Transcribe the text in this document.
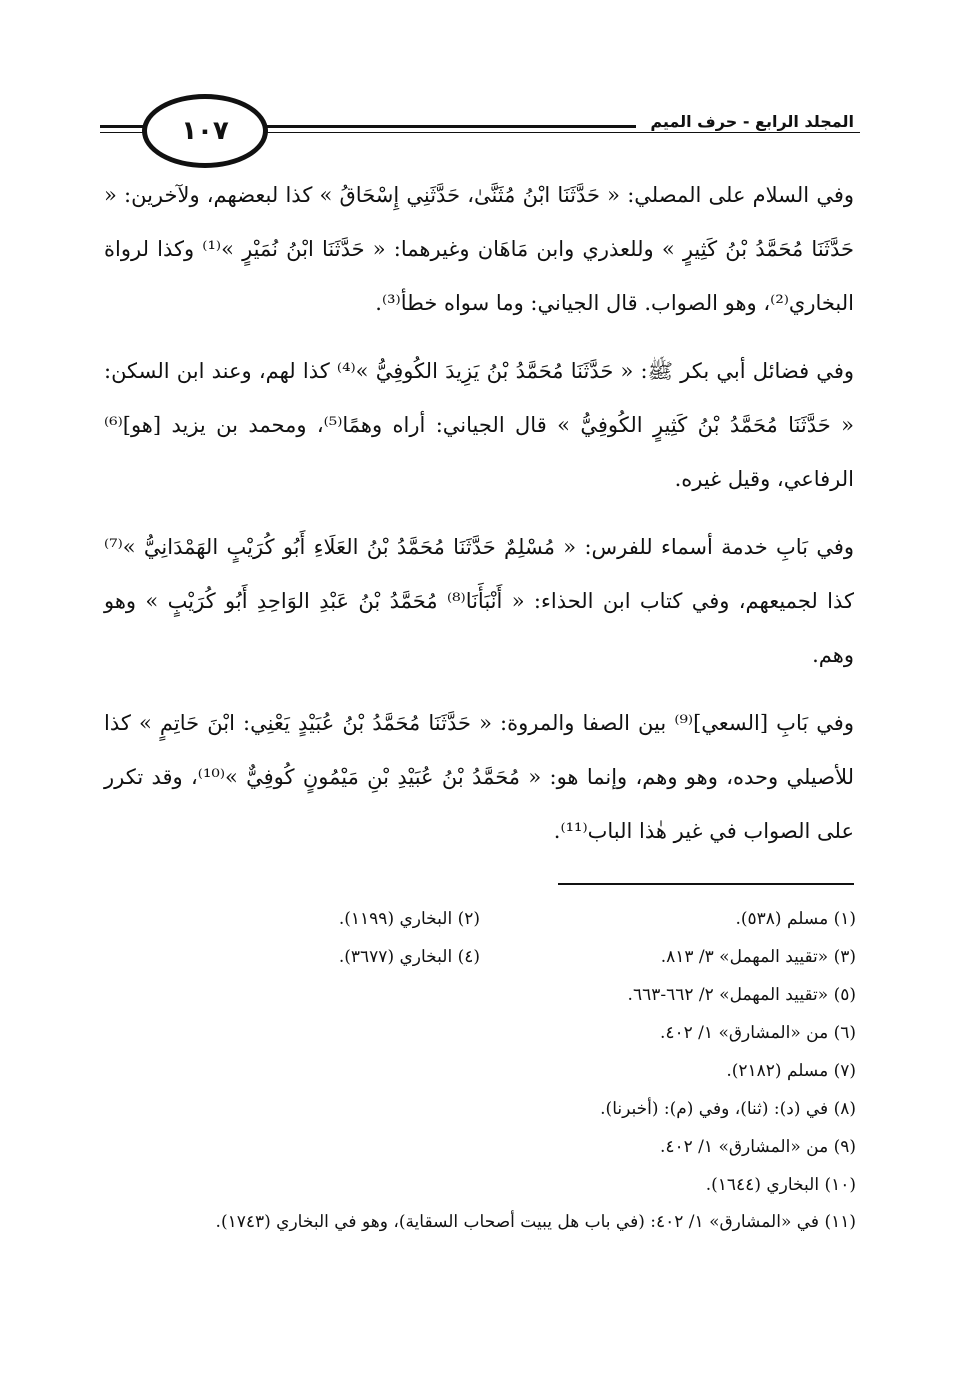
١٠٧	المجلد الرابع - حرف الميم

وفي السلام على المصلي: « حَدَّثَنَا ابْنُ مُثَنَّىٰ، حَدَّثَنِي إِسْحَاقُ » كذا لبعضهم، ولآخرين: « حَدَّثَنَا مُحَمَّدُ بْنُ كَثِيرٍ » وللعذري وابن مَاهَان وغيرهما: « حَدَّثَنَا ابْنُ نُمَيْرٍ »⁽¹⁾ وكذا لرواة البخاري⁽²⁾، وهو الصواب. قال الجياني: وما سواه خطأ⁽³⁾.

وفي فضائل أبي بكر ﷺ: « حَدَّثَنَا مُحَمَّدُ بْنُ يَزِيدَ الكُوفِيُّ »⁽⁴⁾ كذا لهم، وعند ابن السكن: « حَدَّثَنَا مُحَمَّدُ بْنُ كَثِيرٍ الكُوفِيُّ » قال الجياني: أراه وهمًا⁽⁵⁾، ومحمد بن يزيد [هو]⁽⁶⁾ الرفاعي، وقيل غيره.

وفي بَابِ خدمة أسماء للفرس: « مُسْلِمٌ حَدَّثَنَا مُحَمَّدُ بْنُ العَلَاءِ أَبُو كُرَيْبٍ الهَمْدَانِيُّ »⁽⁷⁾ كذا لجميعهم، وفي كتاب ابن الحذاء: « أَنْبَأَنَا⁽⁸⁾ مُحَمَّدُ بْنُ عَبْدِ الوَاحِدِ أَبُو كُرَيْبٍ » وهو وهم.

وفي بَابِ [السعي]⁽⁹⁾ بين الصفا والمروة: « حَدَّثَنَا مُحَمَّدُ بْنُ عُبَيْدٍ يَعْنِي: ابْنَ حَاتِمٍ » كذا للأصيلي وحده، وهو وهم، وإنما هو: « مُحَمَّدُ بْنُ عُبَيْدِ بْنِ مَيْمُونٍ كُوفِيٌّ »⁽¹⁰⁾، وقد تكرر على الصواب في غير هٰذا الباب⁽¹¹⁾.

(١) مسلم (٥٣٨).
(٢) البخاري (١١٩٩).
(٣) «تقييد المهمل» ٣/ ٨١٣.
(٤) البخاري (٣٦٧٧).
(٥) «تقييد المهمل» ٢/ ٦٦٢-٦٦٣.
(٦) من «المشارق» ١/ ٤٠٢.
(٧) مسلم (٢١٨٢).
(٨) في (د): (ثنا)، وفي (م): (أخبرنا).
(٩) من «المشارق» ١/ ٤٠٢.
(١٠) البخاري (١٦٤٤).
(١١) في «المشارق» ١/ ٤٠٢: (في باب هل يبيت أصحاب السقاية)، وهو في البخاري (١٧٤٣).
